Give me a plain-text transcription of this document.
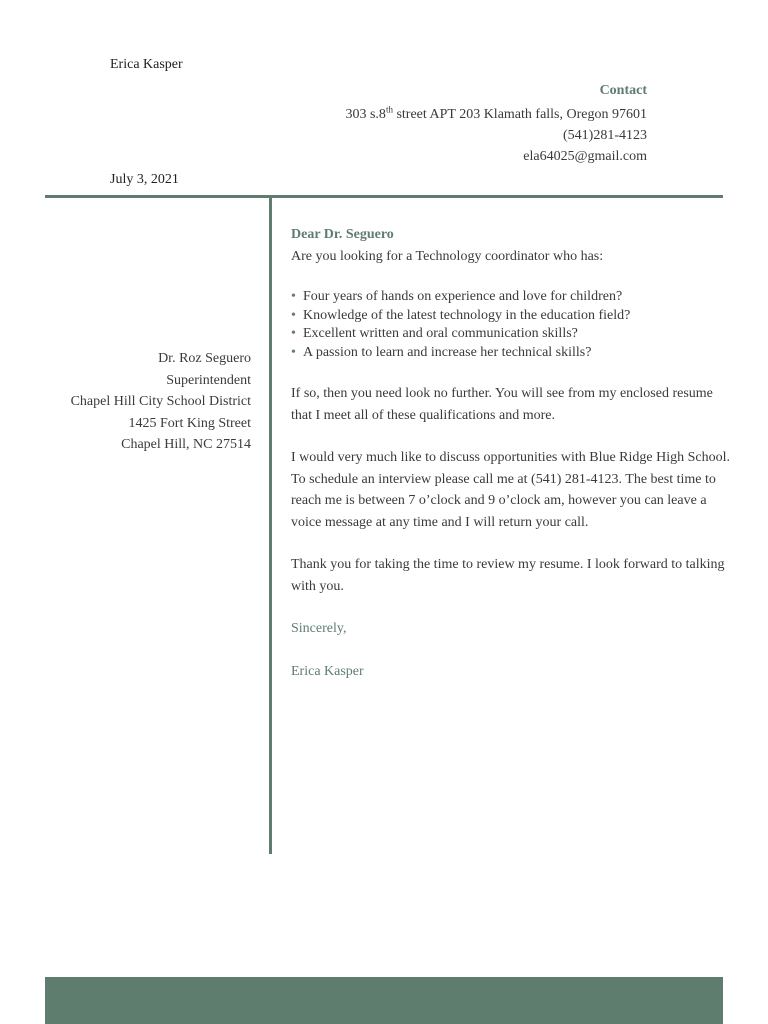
Erica Kasper
Contact
303 s.8th street APT 203 Klamath falls, Oregon 97601
(541)281-4123
ela64025@gmail.com
July 3, 2021
Dr. Roz Seguero
Superintendent
Chapel Hill City School District
1425 Fort King Street
Chapel Hill, NC 27514

Dear Dr. Seguero

Are you looking for a Technology coordinator who has:

• Four years of hands on experience and love for children?
• Knowledge of the latest technology in the education field?
• Excellent written and oral communication skills?
• A passion to learn and increase her technical skills?

If so, then you need look no further. You will see from my enclosed resume that I meet all of these qualifications and more.

I would very much like to discuss opportunities with Blue Ridge High School. To schedule an interview please call me at (541) 281-4123. The best time to reach me is between 7 o’clock and 9 o’clock am, however you can leave a voice message at any time and I will return your call.

Thank you for taking the time to review my resume. I look forward to talking with you.

Sincerely,

Erica Kasper
